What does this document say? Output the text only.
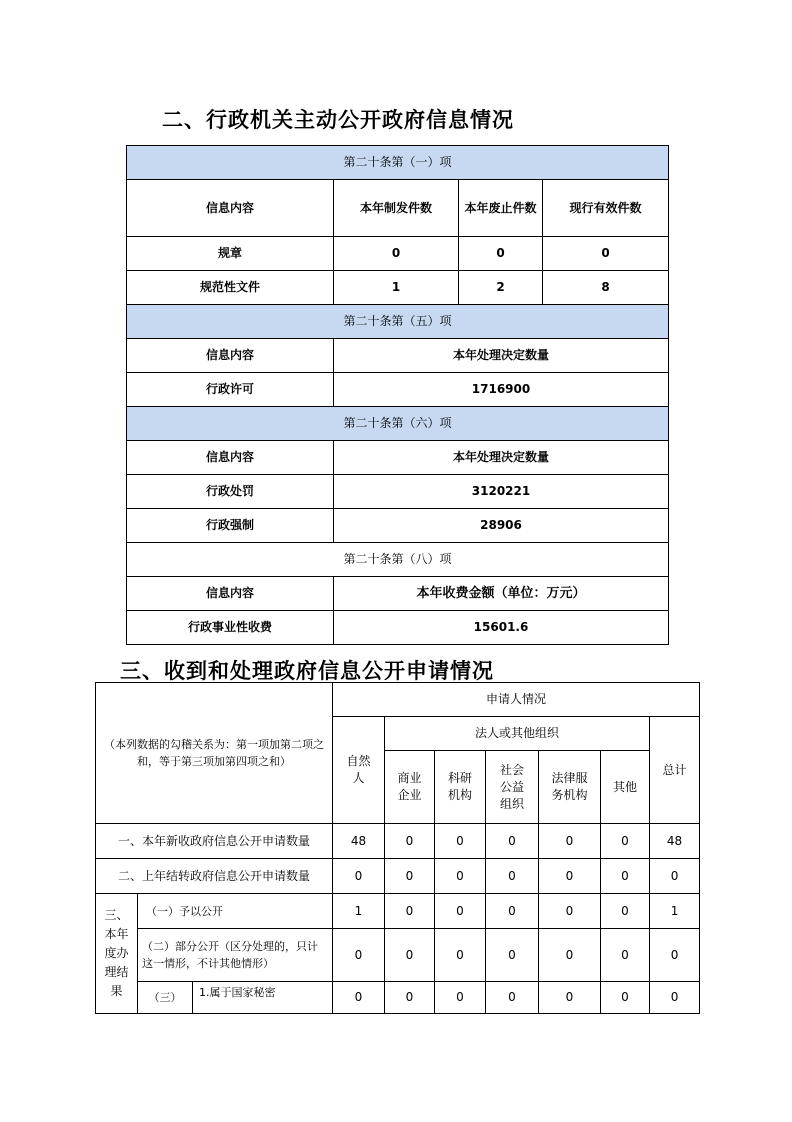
二、行政机关主动公开政府信息情况
第二十条第（一）项			
信息内容	本年制发件数	本年废止件数	现行有效件数
规章	0	0	0
规范性文件	1	2	8
第二十条第（五）项			
信息内容	本年处理决定数量		
行政许可	1716900		
第二十条第（六）项			
信息内容	本年处理决定数量		
行政处罚	3120221		
行政强制	28906		
第二十条第（八）项			
信息内容	本年收费金额（单位：万元）		
行政事业性收费	15601.6		
三、收到和处理政府信息公开申请情况
（本列数据的勾稽关系为：第一项加第二项之和，等于第三项加第四项之和）			申请人情况						
			自然人	法人或其他组织					总计
				商业企业	科研机构	社会公益组织	法律服务机构	其他	

一、本年新收政府信息公开申请数量			48	0	0	0	0	0	48
二、上年结转政府信息公开申请数量			0	0	0	0	0	0	0
三、本年度办理结果	（一）予以公开		1	0	0	0	0	0	1
	（二）部分公开（区分处理的，只计这一情形，不计其他情形）		0	0	0	0	0	0	0
	（三）	1.属于国家秘密	0	0	0	0	0	0	0
